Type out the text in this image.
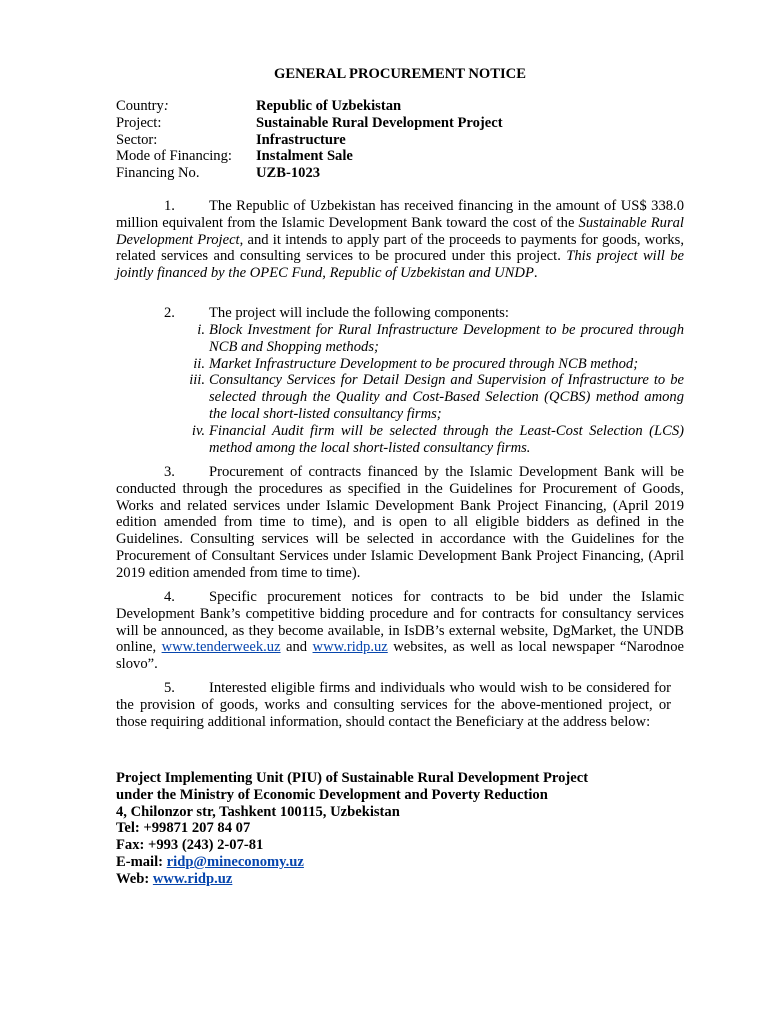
GENERAL PROCUREMENT NOTICE
Country:	Republic of Uzbekistan
Project:	Sustainable Rural Development Project
Sector:	Infrastructure
Mode of Financing:	Instalment Sale
Financing No.	UZB-1023
1. The Republic of Uzbekistan has received financing in the amount of US$ 338.0 million equivalent from the Islamic Development Bank toward the cost of the Sustainable Rural Development Project, and it intends to apply part of the proceeds to payments for goods, works, related services and consulting services to be procured under this project. This project will be jointly financed by the OPEC Fund, Republic of Uzbekistan and UNDP.
2. The project will include the following components:
i. Block Investment for Rural Infrastructure Development to be procured through NCB and Shopping methods;
ii. Market Infrastructure Development to be procured through NCB method;
iii. Consultancy Services for Detail Design and Supervision of Infrastructure to be selected through the Quality and Cost-Based Selection (QCBS) method among the local short-listed consultancy firms;
iv. Financial Audit firm will be selected through the Least-Cost Selection (LCS) method among the local short-listed consultancy firms.
3. Procurement of contracts financed by the Islamic Development Bank will be conducted through the procedures as specified in the Guidelines for Procurement of Goods, Works and related services under Islamic Development Bank Project Financing, (April 2019 edition amended from time to time), and is open to all eligible bidders as defined in the Guidelines. Consulting services will be selected in accordance with the Guidelines for the Procurement of Consultant Services under Islamic Development Bank Project Financing, (April 2019 edition amended from time to time).
4. Specific procurement notices for contracts to be bid under the Islamic Development Bank’s competitive bidding procedure and for contracts for consultancy services will be announced, as they become available, in IsDB’s external website, DgMarket, the UNDB online, www.tenderweek.uz and www.ridp.uz websites, as well as local newspaper “Narodnoe slovo”.
5. Interested eligible firms and individuals who would wish to be considered for the provision of goods, works and consulting services for the above-mentioned project, or those requiring additional information, should contact the Beneficiary at the address below:
Project Implementing Unit (PIU) of Sustainable Rural Development Project
under the Ministry of Economic Development and Poverty Reduction
4, Chilonzor str, Tashkent 100115, Uzbekistan
Tel: +99871 207 84 07
Fax: +993 (243) 2-07-81
E-mail: ridp@mineconomy.uz
Web: www.ridp.uz
